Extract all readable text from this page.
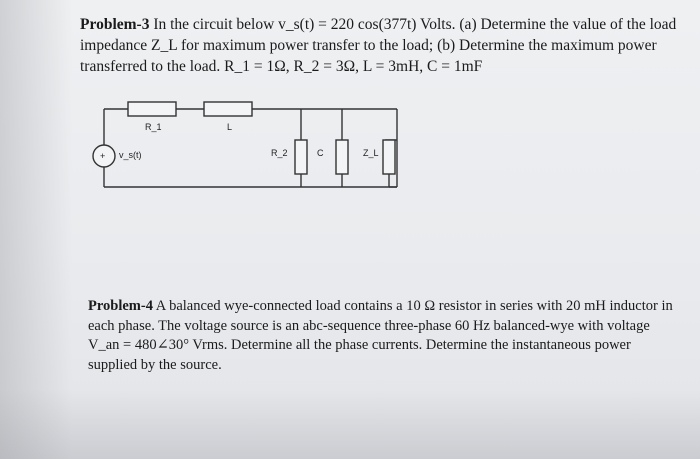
Problem-3 In the circuit below v_s(t) = 220 cos(377t) Volts. (a) Determine the value of the load impedance Z_L for maximum power transfer to the load; (b) Determine the maximum power transferred to the load. R_1 = 1Ω, R_2 = 3Ω, L = 3mH, C = 1mF
+ v_s(t)
R_1	L
R_2	C	Z_L
Problem-4 A balanced wye-connected load contains a 10 Ω resistor in series with 20 mH inductor in each phase. The voltage source is an abc-sequence three-phase 60 Hz balanced-wye with voltage V_an = 480∠30° Vrms. Determine all the phase currents. Determine the instantaneous power supplied by the source.
